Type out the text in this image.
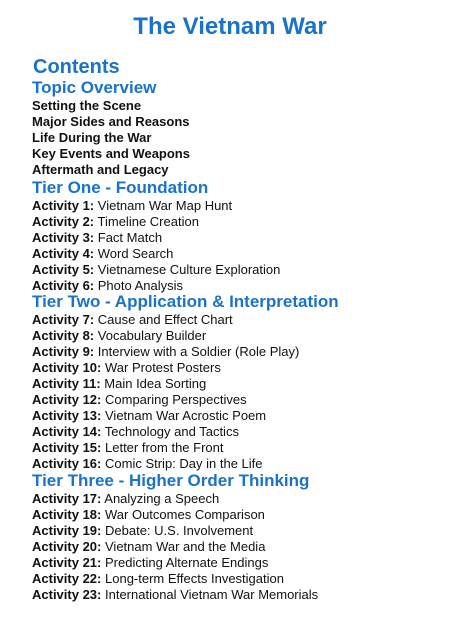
The Vietnam War
Contents
Topic Overview
Setting the Scene
Major Sides and Reasons
Life During the War
Key Events and Weapons
Aftermath and Legacy
Tier One - Foundation
Activity 1: Vietnam War Map Hunt
Activity 2: Timeline Creation
Activity 3: Fact Match
Activity 4: Word Search
Activity 5: Vietnamese Culture Exploration
Activity 6: Photo Analysis
Tier Two - Application & Interpretation
Activity 7: Cause and Effect Chart
Activity 8: Vocabulary Builder
Activity 9: Interview with a Soldier (Role Play)
Activity 10: War Protest Posters
Activity 11: Main Idea Sorting
Activity 12: Comparing Perspectives
Activity 13: Vietnam War Acrostic Poem
Activity 14: Technology and Tactics
Activity 15: Letter from the Front
Activity 16: Comic Strip: Day in the Life
Tier Three - Higher Order Thinking
Activity 17: Analyzing a Speech
Activity 18: War Outcomes Comparison
Activity 19: Debate: U.S. Involvement
Activity 20: Vietnam War and the Media
Activity 21: Predicting Alternate Endings
Activity 22: Long-term Effects Investigation
Activity 23: International Vietnam War Memorials
